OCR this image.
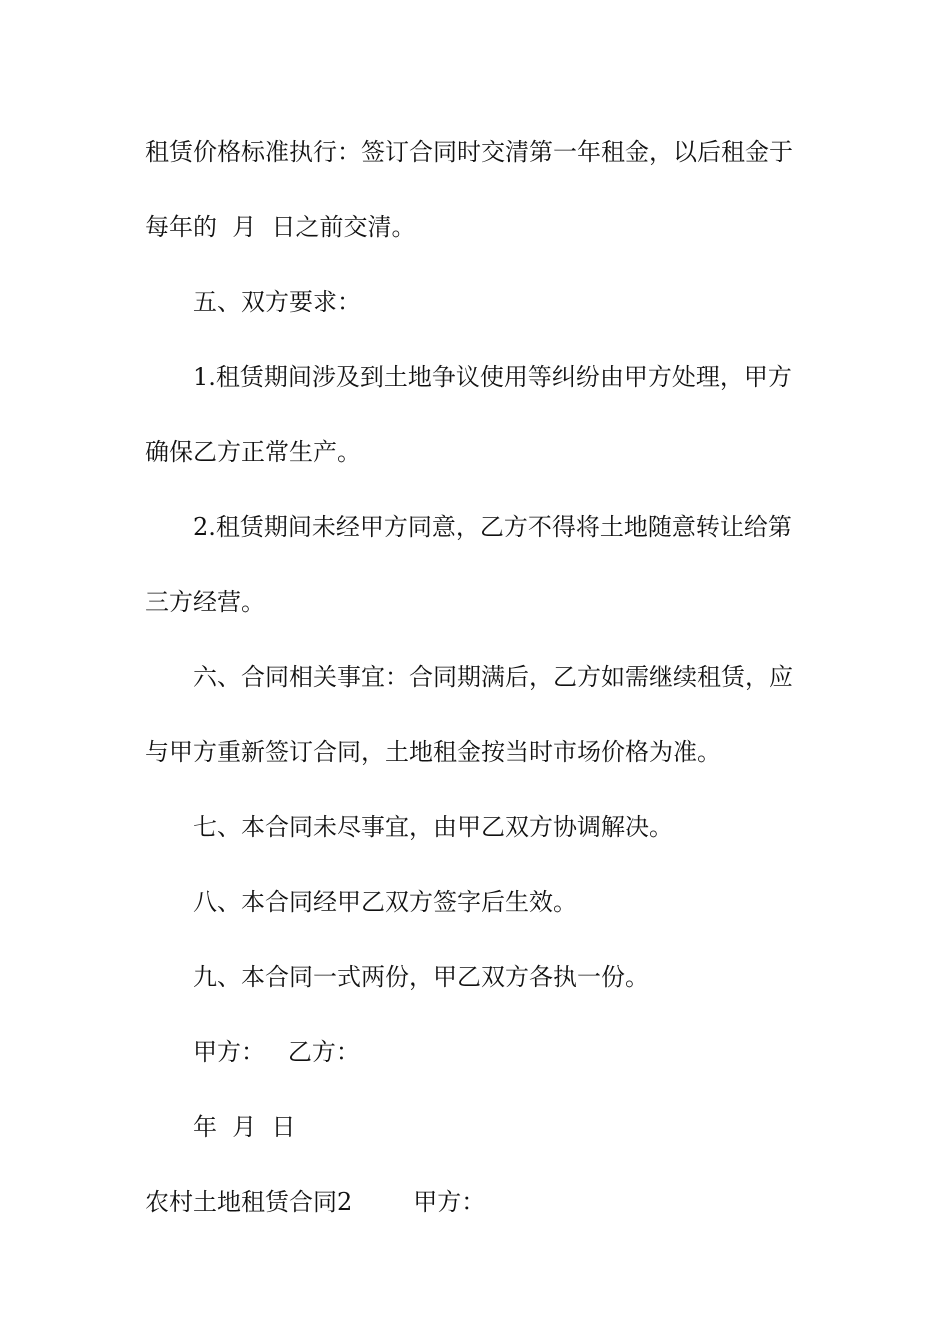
租赁价格标准执行：签订合同时交清第一年租金，以后租金于
每年的  月  日之前交清。
五、双方要求：
1.租赁期间涉及到土地争议使用等纠纷由甲方处理，甲方
确保乙方正常生产。
2.租赁期间未经甲方同意，乙方不得将土地随意转让给第
三方经营。
六、合同相关事宜：合同期满后，乙方如需继续租赁，应
与甲方重新签订合同，土地租金按当时市场价格为准。
七、本合同未尽事宜，由甲乙双方协调解决。
八、本合同经甲乙双方签字后生效。
九、本合同一式两份，甲乙双方各执一份。
甲方：   乙方：
年  月  日
农村土地租赁合同2        甲方：
